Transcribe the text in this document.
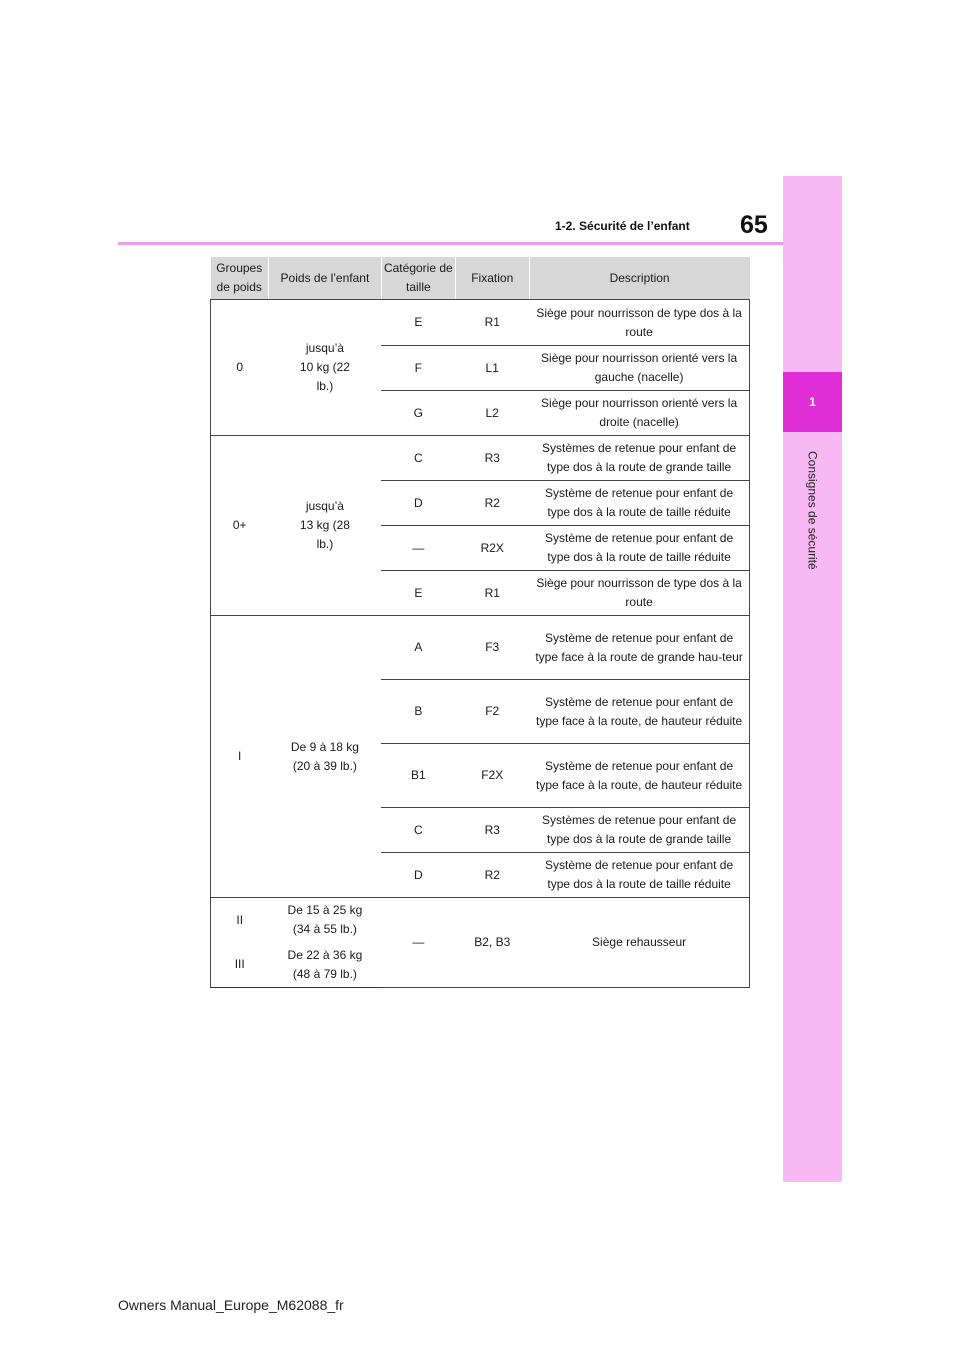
1
Consignes de sécurité
1-2. Sécurité de l’enfant 65
Groupes de poids	Poids de l’enfant	Catégorie de taille	Fixation	Description
0	jusqu’à 10 kg (22 lb.)	E	R1	Siège pour nourrisson de type dos à la route
		F	L1	Siège pour nourrisson orienté vers la gauche (nacelle)
		G	L2	Siège pour nourrisson orienté vers la droite (nacelle)
0+	jusqu’à 13 kg (28 lb.)	C	R3	Systèmes de retenue pour enfant de type dos à la route de grande taille
		D	R2	Système de retenue pour enfant de type dos à la route de taille réduite
		—	R2X	Système de retenue pour enfant de type dos à la route de taille réduite
		E	R1	Siège pour nourrisson de type dos à la route
I	De 9 à 18 kg (20 à 39 lb.)	A	F3	Système de retenue pour enfant de type face à la route de grande hau-teur
		B	F2	Système de retenue pour enfant de type face à la route, de hauteur réduite
		B1	F2X	Système de retenue pour enfant de type face à la route, de hauteur réduite
		C	R3	Systèmes de retenue pour enfant de type dos à la route de grande taille
		D	R2	Système de retenue pour enfant de type dos à la route de taille réduite
II	De 15 à 25 kg (34 à 55 lb.)	—	B2, B3	Siège rehausseur
III	De 22 à 36 kg (48 à 79 lb.)			
Owners Manual_Europe_M62088_fr
